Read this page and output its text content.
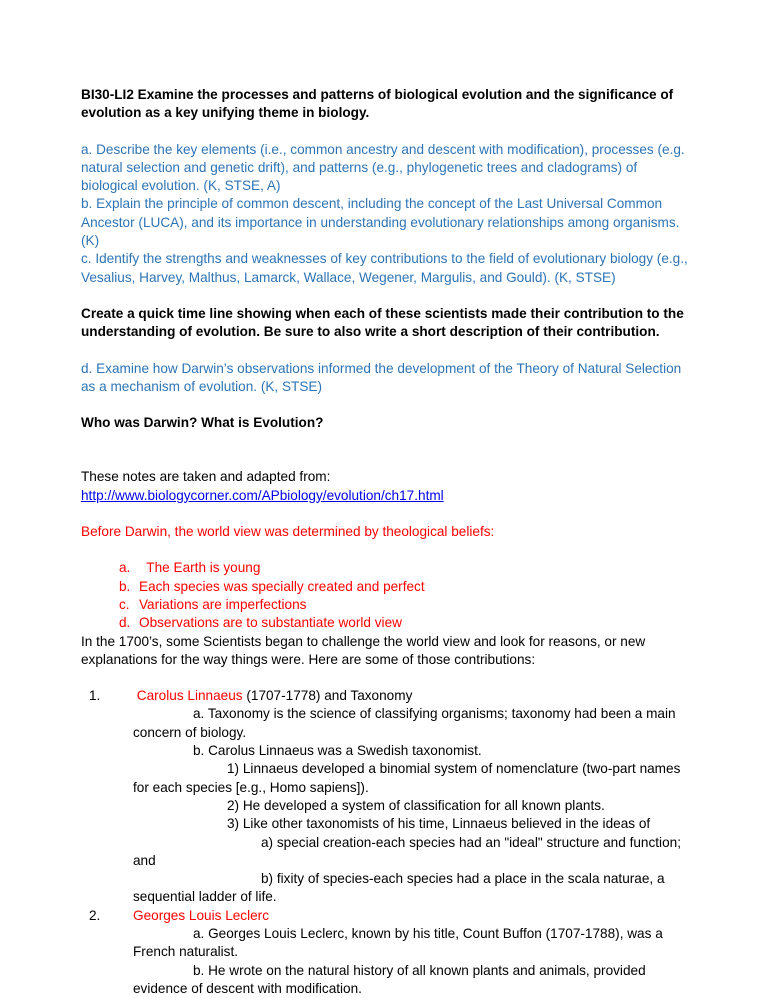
BI30-LI2 Examine the processes and patterns of biological evolution and the significance of evolution as a key unifying theme in biology.

a. Describe the key elements (i.e., common ancestry and descent with modification), processes (e.g. natural selection and genetic drift), and patterns (e.g., phylogenetic trees and cladograms) of biological evolution. (K, STSE, A)

b. Explain the principle of common descent, including the concept of the Last Universal Common Ancestor (LUCA), and its importance in understanding evolutionary relationships among organisms. (K)

c. Identify the strengths and weaknesses of key contributions to the field of evolutionary biology (e.g., Vesalius, Harvey, Malthus, Lamarck, Wallace, Wegener, Margulis, and Gould). (K, STSE)

Create a quick time line showing when each of these scientists made their contribution to the understanding of evolution. Be sure to also write a short description of their contribution.

d. Examine how Darwin’s observations informed the development of the Theory of Natural Selection as a mechanism of evolution. (K, STSE)

Who was Darwin? What is Evolution?

These notes are taken and adapted from:

http://www.biologycorner.com/APbiology/evolution/ch17.html

Before Darwin, the world view was determined by theological beliefs:

a. The Earth is young
b. Each species was specially created and perfect
c. Variations are imperfections
d. Observations are to substantiate world view

In the 1700’s, some Scientists began to challenge the world view and look for reasons, or new explanations for the way things were. Here are some of those contributions:

1. Carolus Linnaeus (1707-1778) and Taxonomy

a. Taxonomy is the science of classifying organisms; taxonomy had been a main concern of biology.

b. Carolus Linnaeus was a Swedish taxonomist.

1) Linnaeus developed a binomial system of nomenclature (two-part names for each species [e.g., Homo sapiens]).

2) He developed a system of classification for all known plants.

3) Like other taxonomists of his time, Linnaeus believed in the ideas of

a) special creation-each species had an "ideal" structure and function; and

b) fixity of species-each species had a place in the scala naturae, a sequential ladder of life.

2. Georges Louis Leclerc

a. Georges Louis Leclerc, known by his title, Count Buffon (1707-1788), was a French naturalist.

b. He wrote on the natural history of all known plants and animals, provided evidence of descent with modification.
